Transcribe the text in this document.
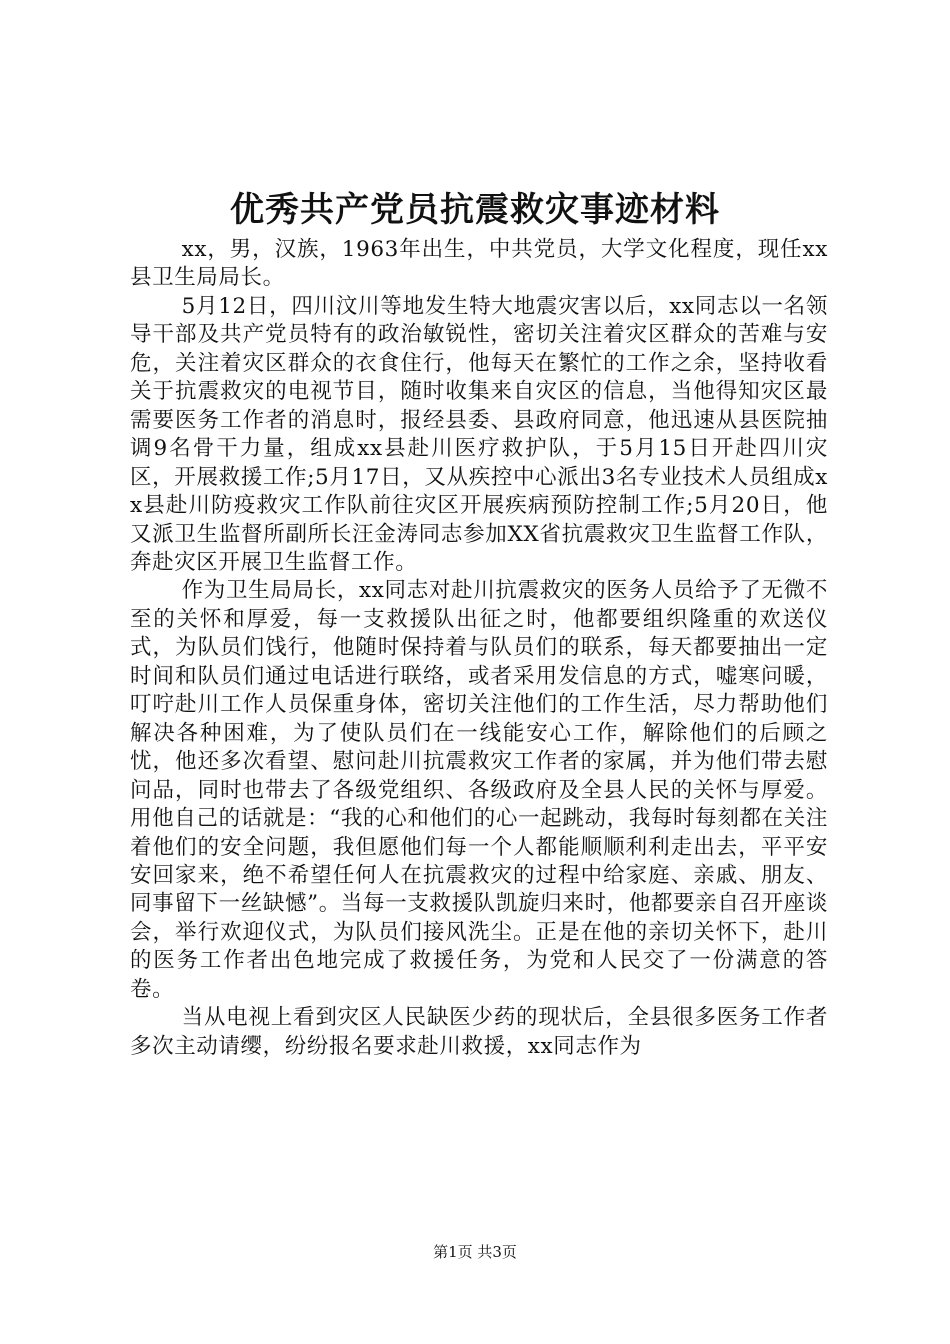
优秀共产党员抗震救灾事迹材料

xx，男，汉族，1963年出生，中共党员，大学文化程度，现任xx县卫生局局长。

5月12日，四川汶川等地发生特大地震灾害以后，xx同志以一名领导干部及共产党员特有的政治敏锐性，密切关注着灾区群众的苦难与安危，关注着灾区群众的衣食住行，他每天在繁忙的工作之余，坚持收看关于抗震救灾的电视节目，随时收集来自灾区的信息，当他得知灾区最需要医务工作者的消息时，报经县委、县政府同意，他迅速从县医院抽调9名骨干力量，组成xx县赴川医疗救护队，于5月15日开赴四川灾区，开展救援工作;5月17日，又从疾控中心派出3名专业技术人员组成xx县赴川防疫救灾工作队前往灾区开展疾病预防控制工作;5月20日，他又派卫生监督所副所长汪金涛同志参加XX省抗震救灾卫生监督工作队，奔赴灾区开展卫生监督工作。

作为卫生局局长，xx同志对赴川抗震救灾的医务人员给予了无微不至的关怀和厚爱，每一支救援队出征之时，他都要组织隆重的欢送仪式，为队员们饯行，他随时保持着与队员们的联系，每天都要抽出一定时间和队员们通过电话进行联络，或者采用发信息的方式，嘘寒问暖，叮咛赴川工作人员保重身体，密切关注他们的工作生活，尽力帮助他们解决各种困难，为了使队员们在一线能安心工作，解除他们的后顾之忧，他还多次看望、慰问赴川抗震救灾工作者的家属，并为他们带去慰问品，同时也带去了各级党组织、各级政府及全县人民的关怀与厚爱。用他自己的话就是：“我的心和他们的心一起跳动，我每时每刻都在关注着他们的安全问题，我但愿他们每一个人都能顺顺利利走出去，平平安安回家来，绝不希望任何人在抗震救灾的过程中给家庭、亲戚、朋友、同事留下一丝缺憾”。当每一支救援队凯旋归来时，他都要亲自召开座谈会，举行欢迎仪式，为队员们接风洗尘。正是在他的亲切关怀下，赴川的医务工作者出色地完成了救援任务，为党和人民交了一份满意的答卷。

当从电视上看到灾区人民缺医少药的现状后，全县很多医务工作者多次主动请缨，纷纷报名要求赴川救援，xx同志作为

第1页 共3页
